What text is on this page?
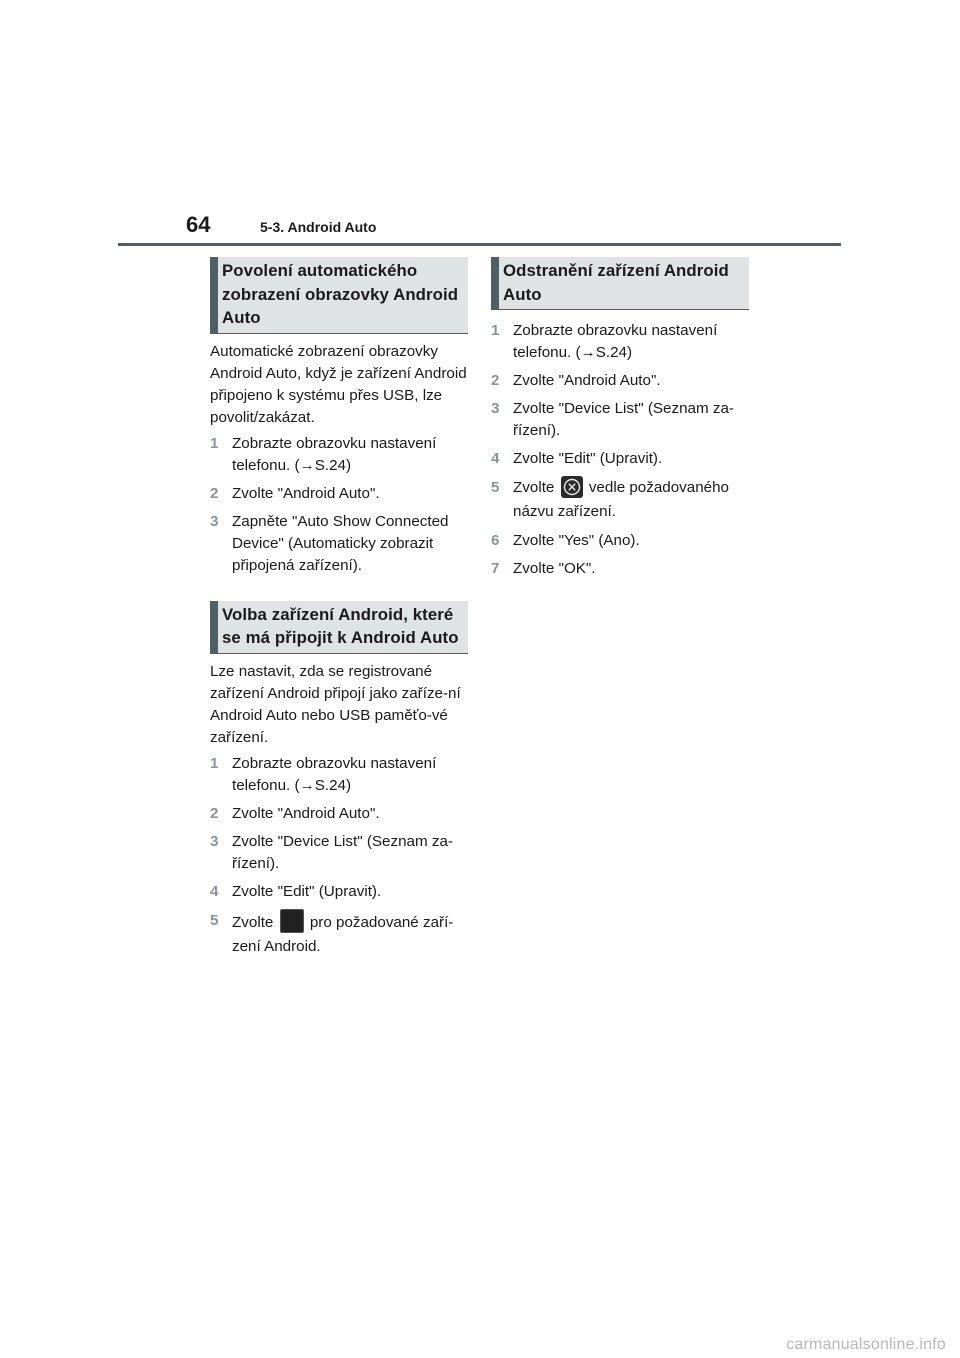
64	5-3. Android Auto
Povolení automatického zobrazení obrazovky Android Auto
Automatické zobrazení obrazovky Android Auto, když je zařízení Android připojeno k systému přes USB, lze povolit/zakázat.
1 Zobrazte obrazovku nastavení telefonu. (→S.24)
2 Zvolte "Android Auto".
3 Zapněte "Auto Show Connected Device" (Automaticky zobrazit připojená zařízení).
Volba zařízení Android, které se má připojit k Android Auto
Lze nastavit, zda se registrované zařízení Android připojí jako zaříze-ní Android Auto nebo USB paměťo-vé zařízení.
1 Zobrazte obrazovku nastavení telefonu. (→S.24)
2 Zvolte "Android Auto".
3 Zvolte "Device List" (Seznam za-řízení).
4 Zvolte "Edit" (Upravit).
5 Zvolte pro požadované zaří-zení Android.
Odstranění zařízení Android Auto
1 Zobrazte obrazovku nastavení telefonu. (→S.24)
2 Zvolte "Android Auto".
3 Zvolte "Device List" (Seznam za-řízení).
4 Zvolte "Edit" (Upravit).
5 Zvolte vedle požadovaného názvu zařízení.
6 Zvolte "Yes" (Ano).
7 Zvolte "OK".
carmanualsonline.info
